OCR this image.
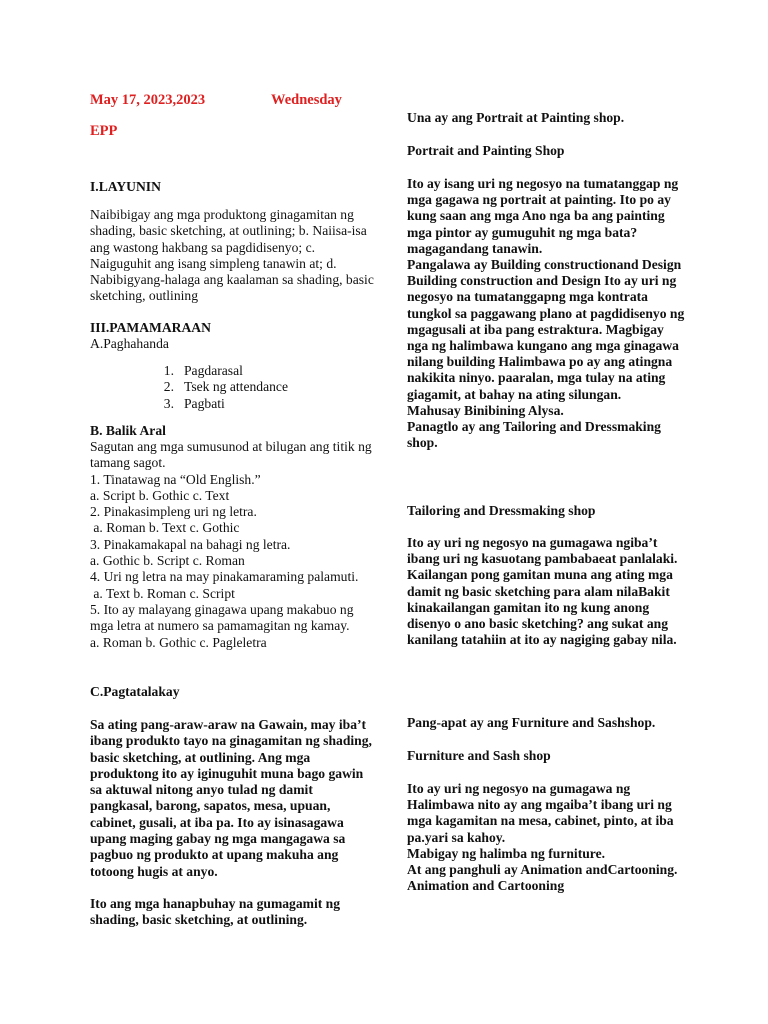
May 17, 2023,2023	Wednesday
EPP
I.LAYUNIN

Naibibigay ang mga produktong ginagamitan ng shading, basic sketching, at outlining; b. Naiisa-isa ang wastong hakbang sa pagdidisenyo; c. Naiguguhit ang isang simpleng tanawin at; d. Nabibigyang-halaga ang kaalaman sa shading, basic sketching, outlining

III.PAMAMARAAN
A.Paghahanda
1. Pagdarasal
2. Tsek ng attendance
3. Pagbati
B. Balik Aral
Sagutan ang mga sumusunod at bilugan ang titik ng tamang sagot.
1. Tinatawag na “Old English.”
a. Script b. Gothic c. Text
2. Pinakasimpleng uri ng letra.
a. Roman b. Text c. Gothic
3. Pinakamakapal na bahagi ng letra.
a. Gothic b. Script c. Roman
4. Uri ng letra na may pinakamaraming palamuti.
a. Text b. Roman c. Script
5. Ito ay malayang ginagawa upang makabuo ng mga letra at numero sa pamamagitan ng kamay.
a. Roman b. Gothic c. Pagleletra
C.Pagtatalakay

Sa ating pang-araw-araw na Gawain, may iba’t ibang produkto tayo na ginagamitan ng shading, basic sketching, at outlining. Ang mga produktong ito ay iginuguhit muna bago gawin sa aktuwal nitong anyo tulad ng damit pangkasal, barong, sapatos, mesa, upuan, cabinet, gusali, at iba pa. Ito ay isinasagawa upang maging gabay ng mga mangagawa sa pagbuo ng produkto at upang makuha ang totoong hugis at anyo.

Ito ang mga hanapbuhay na gumagamit ng shading, basic sketching, at outlining.

Una ay ang Portrait at Painting shop.
Portrait and Painting Shop
Ito ay isang uri ng negosyo na tumatanggap ng mga gagawa ng portrait at painting. Ito po ay kung saan ang mga Ano nga ba ang painting mga pintor ay gumuguhit ng mga bata? magagandang tanawin.
Pangalawa ay Building constructionand Design
Building construction and Design Ito ay uri ng negosyo na tumatanggapng mga kontrata tungkol sa paggawang plano at pagdidisenyo ng mgagusali at iba pang estraktura. Magbigay nga ng halimbawa kungano ang mga ginagawa nilang building Halimbawa po ay ang atingna nakikita ninyo. paaralan, mga tulay na ating giagamit, at bahay na ating silungan.
Mahusay Binibining Alysa.
Panagtlo ay ang Tailoring and Dressmaking shop.
Tailoring and Dressmaking shop

Ito ay uri ng negosyo na gumagawa ngiba’t ibang uri ng kasuotang pambabaeat panlalaki. Kailangan pong gamitan muna ang ating mga damit ng basic sketching para alam nilaBakit kinakailangan gamitan ito ng kung anong disenyo o ano basic sketching? ang sukat ang kanilang tatahiin at ito ay nagiging gabay nila.

Pang-apat ay ang Furniture and Sashshop.
Furniture and Sash shop
Ito ay uri ng negosyo na gumagawa ng Halimbawa nito ay ang mgaiba’t ibang uri ng mga kagamitan na mesa, cabinet, pinto, at iba pa.yari sa kahoy.
Mabigay ng halimba ng furniture.
At ang panghuli ay Animation andCartooning.
Animation and Cartooning
